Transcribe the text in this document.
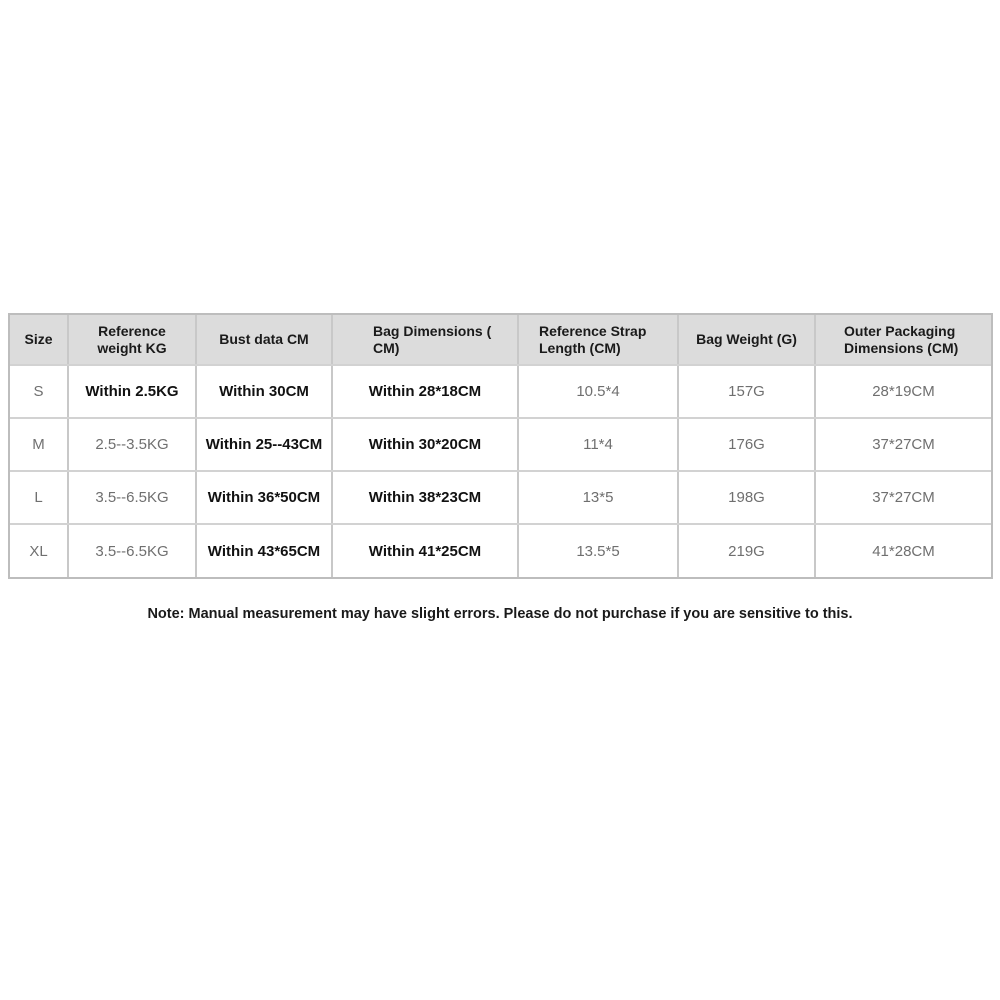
Size	Reference weight KG	Bust data CM	Bag Dimensions ( CM)	Reference Strap Length (CM)	Bag Weight (G)	Outer Packaging Dimensions (CM)
S	Within 2.5KG	Within 30CM	Within 28*18CM	10.5*4	157G	28*19CM
M	2.5--3.5KG	Within 25--43CM	Within 30*20CM	11*4	176G	37*27CM
L	3.5--6.5KG	Within 36*50CM	Within 38*23CM	13*5	198G	37*27CM
XL	3.5--6.5KG	Within 43*65CM	Within 41*25CM	13.5*5	219G	41*28CM
Note: Manual measurement may have slight errors. Please do not purchase if you are sensitive to this.
